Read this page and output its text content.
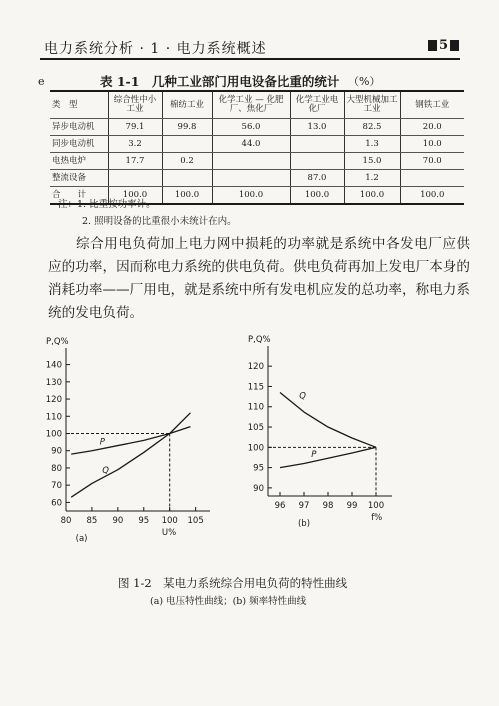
电力系统分析 · 1 · 电力系统概述	5
e	表 1-1　几种工业部门用电设备比重的统计 （%）
类　型	综合性中小工业	棉纺工业	化学工业 — 化肥厂、焦化厂	化学工业电化厂	大型机械加工工业	钢铁工业
异步电动机	79.1	99.8	56.0	13.0	82.5	20.0
同步电动机	3.2		44.0		1.3	10.0
电热电炉	17.7	0.2			15.0	70.0
整流设备				87.0	1.2	
合　　计	100.0	100.0	100.0	100.0	100.0	100.0
注：1. 比重按功率计。
2. 照明设备的比重很小未统计在内。
综合用电负荷加上电力网中损耗的功率就是系统中各发电厂应供应的功率，因而称电力系统的供电负荷。供电负荷再加上发电厂本身的消耗功率——厂用电，就是系统中所有发电机应发的总功率，称电力系统的发电负荷。
P,Q%
U%
60
70
80
90
100
110
120
130
140
80 85 90 95 100 105
P
Q
(a)
P,Q%
f%
90
95
100
105
110
115
120
96 97 98 99 100
P
Q
(b)
图 1-2　某电力系统综合用电负荷的特性曲线
(a) 电压特性曲线；(b) 频率特性曲线
